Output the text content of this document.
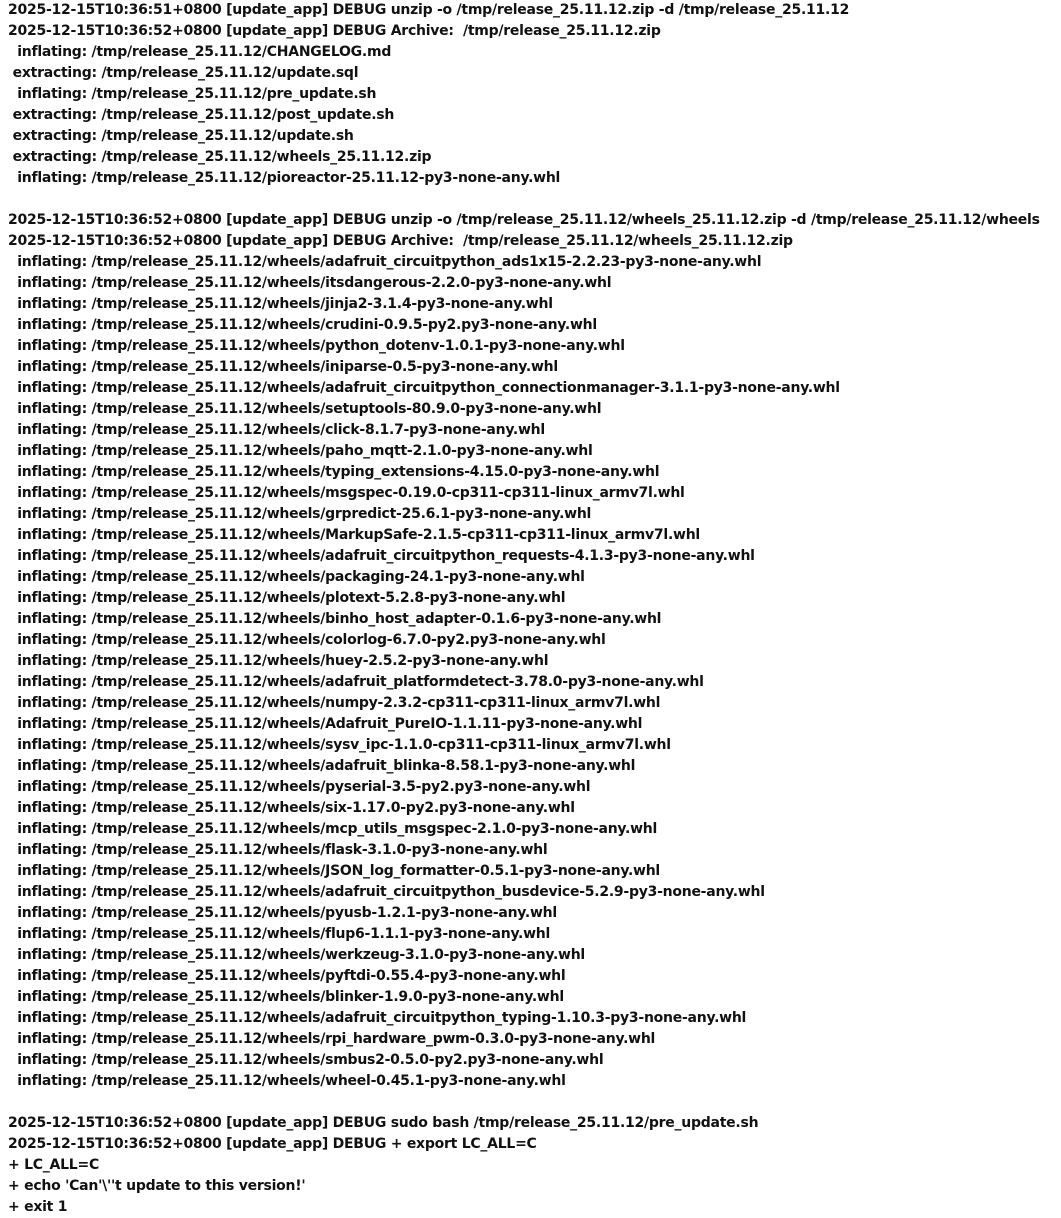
2025-12-15T10:36:51+0800 [update_app] DEBUG unzip -o /tmp/release_25.11.12.zip -d /tmp/release_25.11.12
2025-12-15T10:36:52+0800 [update_app] DEBUG Archive:  /tmp/release_25.11.12.zip
inflating: /tmp/release_25.11.12/CHANGELOG.md
extracting: /tmp/release_25.11.12/update.sql
inflating: /tmp/release_25.11.12/pre_update.sh
extracting: /tmp/release_25.11.12/post_update.sh
extracting: /tmp/release_25.11.12/update.sh
extracting: /tmp/release_25.11.12/wheels_25.11.12.zip
inflating: /tmp/release_25.11.12/pioreactor-25.11.12-py3-none-any.whl
2025-12-15T10:36:52+0800 [update_app] DEBUG unzip -o /tmp/release_25.11.12/wheels_25.11.12.zip -d /tmp/release_25.11.12/wheels
2025-12-15T10:36:52+0800 [update_app] DEBUG Archive:  /tmp/release_25.11.12/wheels_25.11.12.zip
inflating: /tmp/release_25.11.12/wheels/adafruit_circuitpython_ads1x15-2.2.23-py3-none-any.whl
inflating: /tmp/release_25.11.12/wheels/itsdangerous-2.2.0-py3-none-any.whl
inflating: /tmp/release_25.11.12/wheels/jinja2-3.1.4-py3-none-any.whl
inflating: /tmp/release_25.11.12/wheels/crudini-0.9.5-py2.py3-none-any.whl
inflating: /tmp/release_25.11.12/wheels/python_dotenv-1.0.1-py3-none-any.whl
inflating: /tmp/release_25.11.12/wheels/iniparse-0.5-py3-none-any.whl
inflating: /tmp/release_25.11.12/wheels/adafruit_circuitpython_connectionmanager-3.1.1-py3-none-any.whl
inflating: /tmp/release_25.11.12/wheels/setuptools-80.9.0-py3-none-any.whl
inflating: /tmp/release_25.11.12/wheels/click-8.1.7-py3-none-any.whl
inflating: /tmp/release_25.11.12/wheels/paho_mqtt-2.1.0-py3-none-any.whl
inflating: /tmp/release_25.11.12/wheels/typing_extensions-4.15.0-py3-none-any.whl
inflating: /tmp/release_25.11.12/wheels/msgspec-0.19.0-cp311-cp311-linux_armv7l.whl
inflating: /tmp/release_25.11.12/wheels/grpredict-25.6.1-py3-none-any.whl
inflating: /tmp/release_25.11.12/wheels/MarkupSafe-2.1.5-cp311-cp311-linux_armv7l.whl
inflating: /tmp/release_25.11.12/wheels/adafruit_circuitpython_requests-4.1.3-py3-none-any.whl
inflating: /tmp/release_25.11.12/wheels/packaging-24.1-py3-none-any.whl
inflating: /tmp/release_25.11.12/wheels/plotext-5.2.8-py3-none-any.whl
inflating: /tmp/release_25.11.12/wheels/binho_host_adapter-0.1.6-py3-none-any.whl
inflating: /tmp/release_25.11.12/wheels/colorlog-6.7.0-py2.py3-none-any.whl
inflating: /tmp/release_25.11.12/wheels/huey-2.5.2-py3-none-any.whl
inflating: /tmp/release_25.11.12/wheels/adafruit_platformdetect-3.78.0-py3-none-any.whl
inflating: /tmp/release_25.11.12/wheels/numpy-2.3.2-cp311-cp311-linux_armv7l.whl
inflating: /tmp/release_25.11.12/wheels/Adafruit_PureIO-1.1.11-py3-none-any.whl
inflating: /tmp/release_25.11.12/wheels/sysv_ipc-1.1.0-cp311-cp311-linux_armv7l.whl
inflating: /tmp/release_25.11.12/wheels/adafruit_blinka-8.58.1-py3-none-any.whl
inflating: /tmp/release_25.11.12/wheels/pyserial-3.5-py2.py3-none-any.whl
inflating: /tmp/release_25.11.12/wheels/six-1.17.0-py2.py3-none-any.whl
inflating: /tmp/release_25.11.12/wheels/mcp_utils_msgspec-2.1.0-py3-none-any.whl
inflating: /tmp/release_25.11.12/wheels/flask-3.1.0-py3-none-any.whl
inflating: /tmp/release_25.11.12/wheels/JSON_log_formatter-0.5.1-py3-none-any.whl
inflating: /tmp/release_25.11.12/wheels/adafruit_circuitpython_busdevice-5.2.9-py3-none-any.whl
inflating: /tmp/release_25.11.12/wheels/pyusb-1.2.1-py3-none-any.whl
inflating: /tmp/release_25.11.12/wheels/flup6-1.1.1-py3-none-any.whl
inflating: /tmp/release_25.11.12/wheels/werkzeug-3.1.0-py3-none-any.whl
inflating: /tmp/release_25.11.12/wheels/pyftdi-0.55.4-py3-none-any.whl
inflating: /tmp/release_25.11.12/wheels/blinker-1.9.0-py3-none-any.whl
inflating: /tmp/release_25.11.12/wheels/adafruit_circuitpython_typing-1.10.3-py3-none-any.whl
inflating: /tmp/release_25.11.12/wheels/rpi_hardware_pwm-0.3.0-py3-none-any.whl
inflating: /tmp/release_25.11.12/wheels/smbus2-0.5.0-py2.py3-none-any.whl
inflating: /tmp/release_25.11.12/wheels/wheel-0.45.1-py3-none-any.whl
2025-12-15T10:36:52+0800 [update_app] DEBUG sudo bash /tmp/release_25.11.12/pre_update.sh
2025-12-15T10:36:52+0800 [update_app] DEBUG + export LC_ALL=C
+ LC_ALL=C
+ echo 'Can'\''t update to this version!'
+ exit 1
